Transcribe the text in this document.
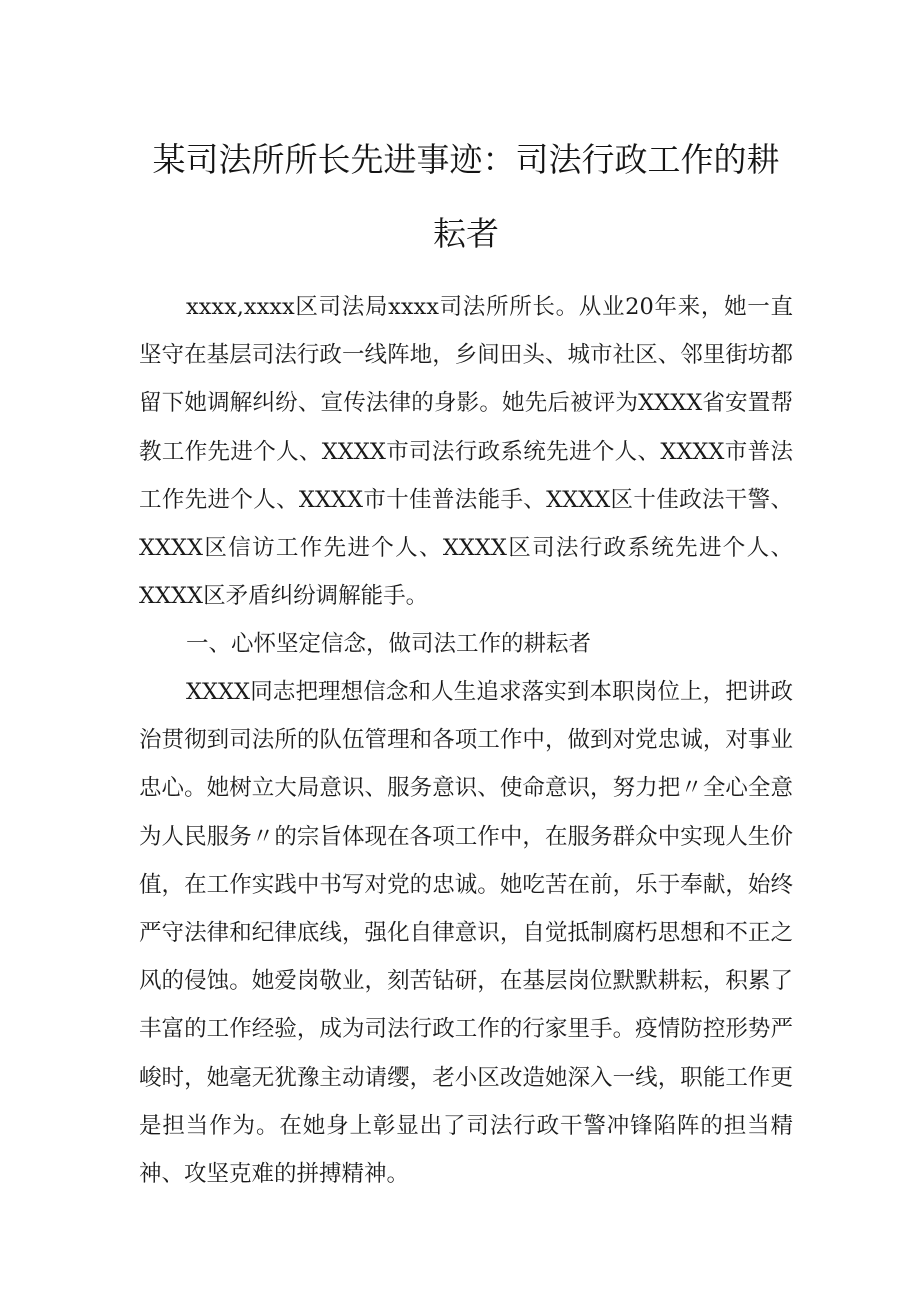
某司法所所长先进事迹：司法行政工作的耕
耘者

xxxx,xxxx区司法局xxxx司法所所长。从业20年来，她一直坚守在基层司法行政一线阵地，乡间田头、城市社区、邻里街坊都留下她调解纠纷、宣传法律的身影。她先后被评为XXXX省安置帮教工作先进个人、XXXX市司法行政系统先进个人、XXXX市普法工作先进个人、XXXX市十佳普法能手、XXXX区十佳政法干警、XXXX区信访工作先进个人、XXXX区司法行政系统先进个人、XXXX区矛盾纠纷调解能手。

一、心怀坚定信念，做司法工作的耕耘者

XXXX同志把理想信念和人生追求落实到本职岗位上，把讲政治贯彻到司法所的队伍管理和各项工作中，做到对党忠诚，对事业忠心。她树立大局意识、服务意识、使命意识，努力把〃全心全意为人民服务〃的宗旨体现在各项工作中，在服务群众中实现人生价值，在工作实践中书写对党的忠诚。她吃苦在前，乐于奉献，始终严守法律和纪律底线，强化自律意识，自觉抵制腐朽思想和不正之风的侵蚀。她爱岗敬业，刻苦钻研，在基层岗位默默耕耘，积累了丰富的工作经验，成为司法行政工作的行家里手。疫情防控形势严峻时，她毫无犹豫主动请缨，老小区改造她深入一线，职能工作更是担当作为。在她身上彰显出了司法行政干警冲锋陷阵的担当精神、攻坚克难的拼搏精神。
